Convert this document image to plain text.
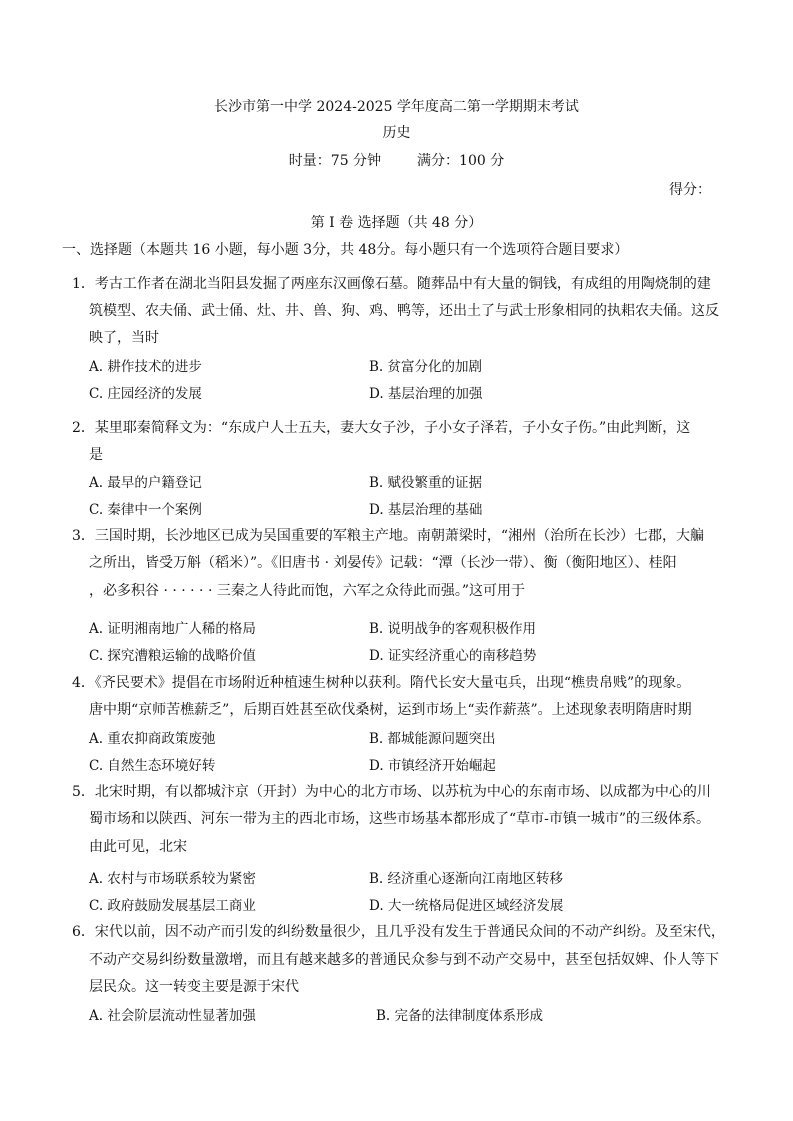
长沙市第一中学 2024-2025 学年度高二第一学期期末考试
历史
时量：75 分钟	满分：100 分
得分：
第 I 卷 选择题（共 48 分）
一、选择题（本题共 16 小题，每小题 3分，共 48分。每小题只有一个选项符合题目要求）
1．考古工作者在湖北当阳县发掘了两座东汉画像石墓。随葬品中有大量的铜钱，有成组的用陶烧制的建
筑模型、农夫俑、武士俑、灶、井、兽、狗、鸡、鸭等，还出土了与武士形象相同的执耜农夫俑。这反
映了，当时
A. 耕作技术的进步	B. 贫富分化的加剧
C. 庄园经济的发展	D. 基层治理的加强
2．某里耶秦简释文为：“东成户人士五夫，妻大女子沙，子小女子泽若，子小女子伤。”由此判断，这
是
A. 最早的户籍登记	B. 赋役繁重的证据
C. 秦律中一个案例	D. 基层治理的基础
3．三国时期，长沙地区已成为吴国重要的军粮主产地。南朝萧梁时，“湘州（治所在长沙）七郡，大艑
之所出，皆受万斛（稻米）”。《旧唐书 · 刘晏传》记载：“潭（长沙一带）、衡（衡阳地区）、桂阳
，必多积谷 · · · · · · 三秦之人待此而饱，六军之众待此而强。”这可用于
A. 证明湘南地广人稀的格局	B. 说明战争的客观积极作用
C. 探究漕粮运输的战略价值	D. 证实经济重心的南移趋势
4．《齐民要术》提倡在市场附近种植速生树种以获利。隋代长安大量屯兵，出现“樵贵帛贱”的现象。
唐中期“京师苦樵薪乏”，后期百姓甚至砍伐桑树，运到市场上“卖作薪蒸”。上述现象表明隋唐时期
A. 重农抑商政策废弛	B. 都城能源问题突出
C. 自然生态环境好转	D. 市镇经济开始崛起
5．北宋时期，有以都城汴京（开封）为中心的北方市场、以苏杭为中心的东南市场、以成都为中心的川
蜀市场和以陕西、河东一带为主的西北市场，这些市场基本都形成了“草市-市镇一城市”的三级体系。
由此可见，北宋
A. 农村与市场联系较为紧密	B. 经济重心逐渐向江南地区转移
C. 政府鼓励发展基层工商业	D. 大一统格局促进区域经济发展
6．宋代以前，因不动产而引发的纠纷数量很少，且几乎没有发生于普通民众间的不动产纠纷。及至宋代，
不动产交易纠纷数量激增，而且有越来越多的普通民众参与到不动产交易中，甚至包括奴婢、仆人等下
层民众。这一转变主要是源于宋代
A. 社会阶层流动性显著加强	B. 完备的法律制度体系形成
